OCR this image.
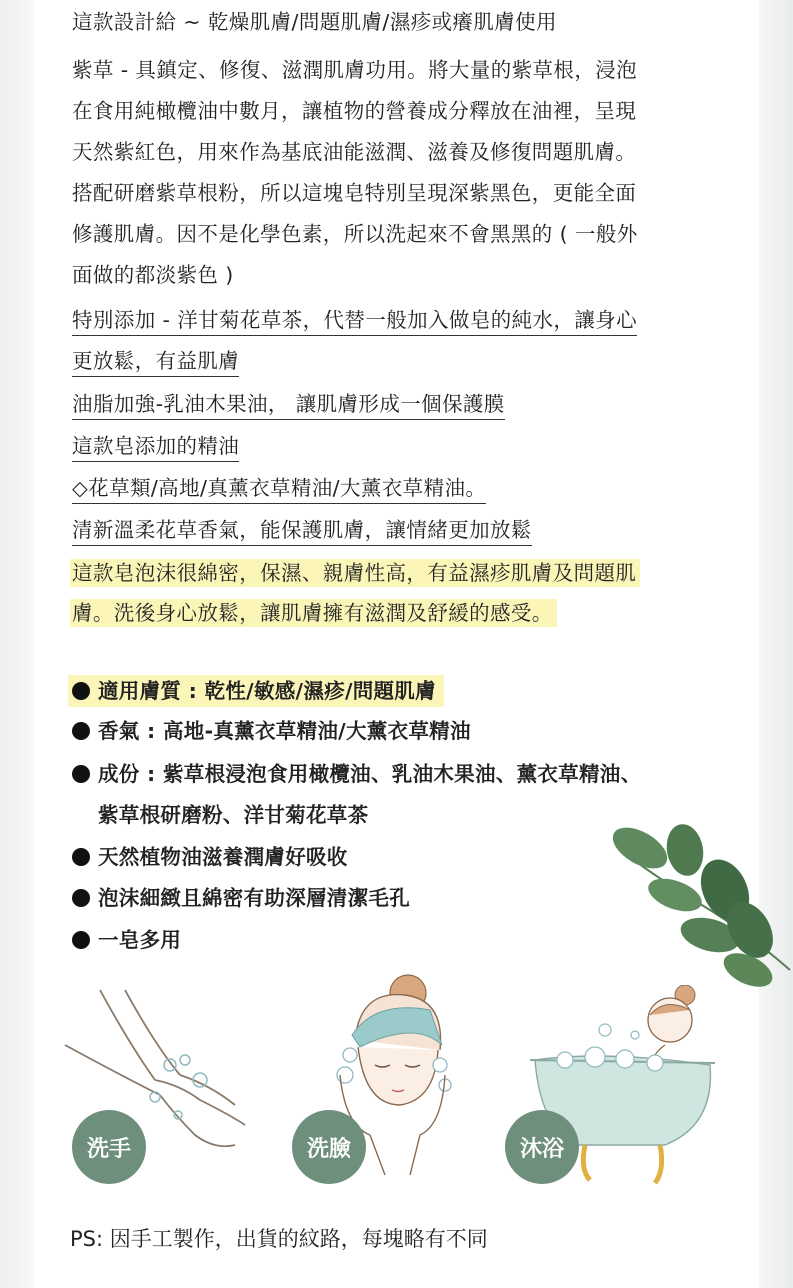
這款設計給 ~ 乾燥肌膚/問題肌膚/濕疹或癢肌膚使用
紫草 - 具鎮定、修復、滋潤肌膚功用。將大量的紫草根，浸泡
在食用純橄欖油中數月，讓植物的營養成分釋放在油裡，呈現
天然紫紅色，用來作為基底油能滋潤、滋養及修復問題肌膚。
搭配研磨紫草根粉，所以這塊皂特別呈現深紫黑色，更能全面
修護肌膚。因不是化學色素，所以洗起來不會黑黑的 ( 一般外
面做的都淡紫色 )
特別添加 - 洋甘菊花草茶，代替一般加入做皂的純水，讓身心
更放鬆，有益肌膚
油脂加強-乳油木果油， 讓肌膚形成一個保護膜
這款皂添加的精油
◇花草類/高地/真薰衣草精油/大薰衣草精油。
清新溫柔花草香氣，能保護肌膚，讓情緒更加放鬆
這款皂泡沫很綿密，保濕、親膚性高，有益濕疹肌膚及問題肌
膚。洗後身心放鬆，讓肌膚擁有滋潤及舒緩的感受。
適用膚質 : 乾性/敏感/濕疹/問題肌膚
香氣 : 高地-真薰衣草精油/大薰衣草精油
成份 : 紫草根浸泡食用橄欖油、乳油木果油、薰衣草精油、
紫草根研磨粉、洋甘菊花草茶
天然植物油滋養潤膚好吸收
泡沫細緻且綿密有助深層清潔毛孔
一皂多用
洗手	洗臉	沐浴
PS: 因手工製作，出貨的紋路，每塊略有不同
